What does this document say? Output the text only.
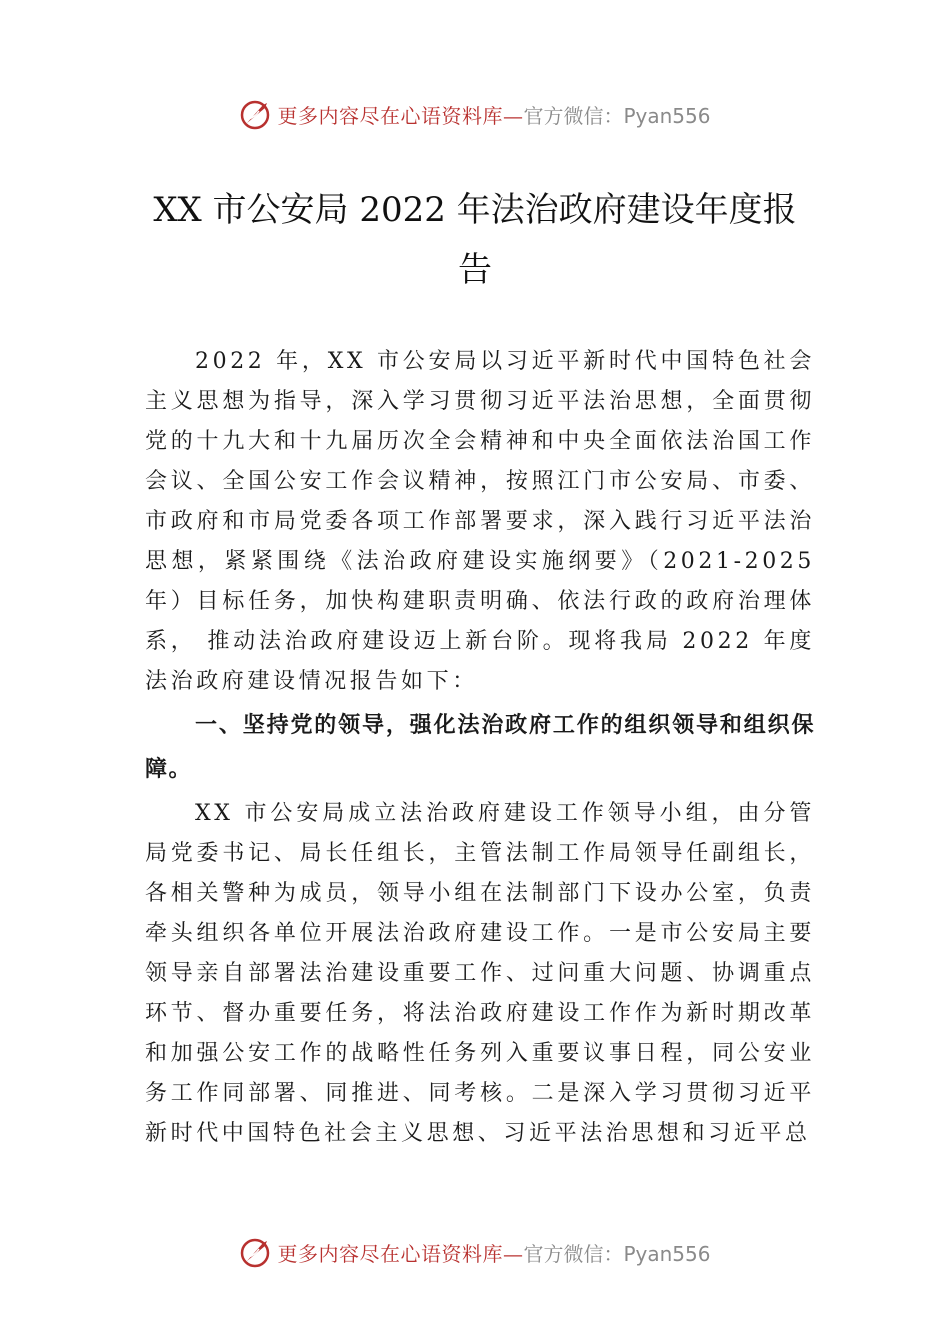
更多内容尽在心语资料库— 官方微信：Pyan556
XX 市公安局 2022 年法治政府建设年度报告

2022 年，XX 市公安局以习近平新时代中国特色社会主义思想为指导，深入学习贯彻习近平法治思想，全面贯彻党的十九大和十九届历次全会精神和中央全面依法治国工作会议、全国公安工作会议精神，按照江门市公安局、市委、 市政府和市局党委各项工作部署要求，深入践行习近平法治思想，紧紧围绕《法治政府建设实施纲要》（2021-2025 年）目标任务，加快构建职责明确、依法行政的政府治理体系， 推动法治政府建设迈上新台阶。现将我局 2022 年度法治政府建设情况报告如下：

一、坚持党的领导，强化法治政府工作的组织领导和组织保障。

XX 市公安局成立法治政府建设工作领导小组，由分管局党委书记、局长任组长，主管法制工作局领导任副组长， 各相关警种为成员，领导小组在法制部门下设办公室，负责牵头组织各单位开展法治政府建设工作。一是市公安局主要领导亲自部署法治建设重要工作、过问重大问题、协调重点环节、督办重要任务，将法治政府建设工作作为新时期改革和加强公安工作的战略性任务列入重要议事日程，同公安业务工作同部署、同推进、同考核。二是深入学习贯彻习近平新时代中国特色社会主义思想、习近平法治思想和习近平总

更多内容尽在心语资料库— 官方微信：Pyan556
